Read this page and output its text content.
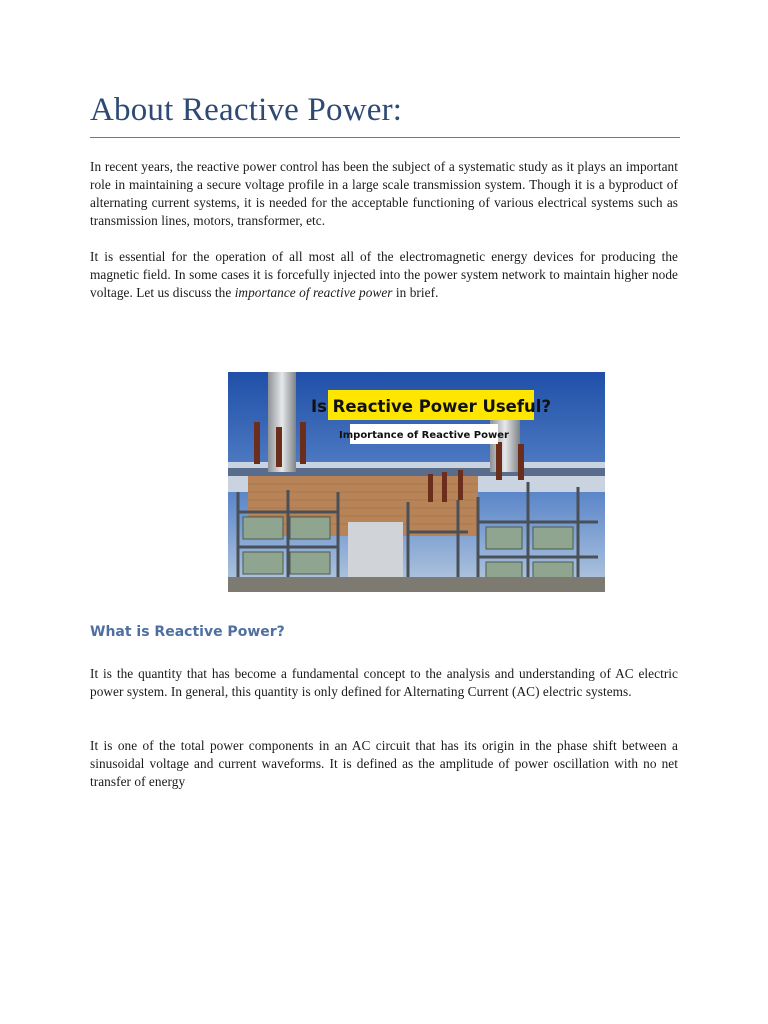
About Reactive Power:

In recent years, the reactive power control has been the subject of a systematic study as it plays an important role in maintaining a secure voltage profile in a large scale transmission system. Though it is a byproduct of alternating current systems, it is needed for the acceptable functioning of various electrical systems such as transmission lines, motors, transformer, etc.

It is essential for the operation of all most all of the electromagnetic energy devices for producing the magnetic field. In some cases it is forcefully injected into the power system network to maintain higher node voltage. Let us discuss the importance of reactive power in brief.

What is Reactive Power?

It is the quantity that has become a fundamental concept to the analysis and understanding of AC electric power system. In general, this quantity is only defined for Alternating Current (AC) electric systems.

It is one of the total power components in an AC circuit that has its origin in the phase shift between a sinusoidal voltage and current waveforms. It is defined as the amplitude of power oscillation with no net transfer of energy

Is Reactive Power Useful?
Importance of Reactive Power
